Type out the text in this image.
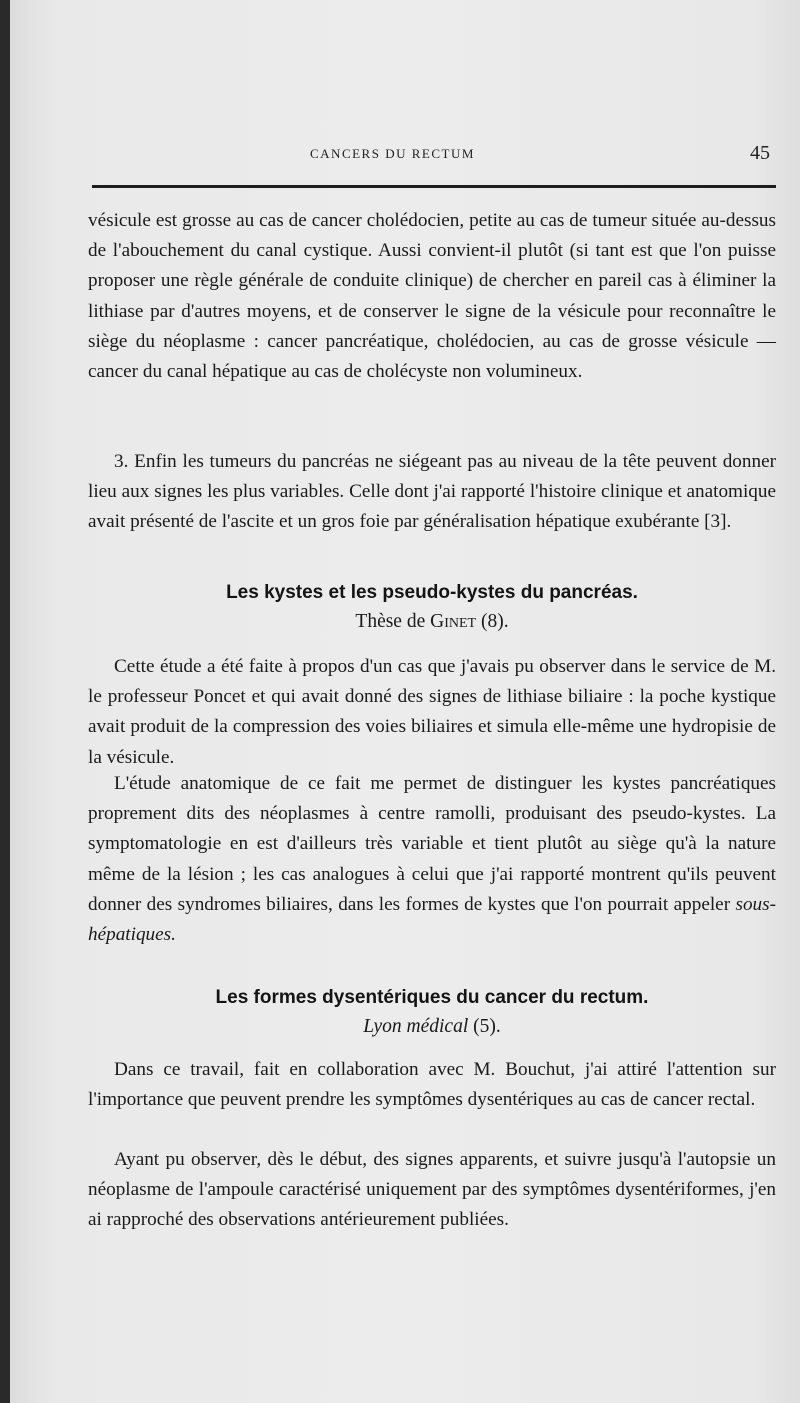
CANCERS DU RECTUM	45

vésicule est grosse au cas de cancer cholédocien, petite au cas de tumeur située au-dessus de l'abouchement du canal cystique. Aussi convient-il plutôt (si tant est que l'on puisse proposer une règle générale de conduite clinique) de chercher en pareil cas à éliminer la lithiase par d'autres moyens, et de conserver le signe de la vésicule pour reconnaître le siège du néoplasme : cancer pancréatique, cholédocien, au cas de grosse vésicule — cancer du canal hépatique au cas de cholécyste non volumineux.

3. Enfin les tumeurs du pancréas ne siégeant pas au niveau de la tête peuvent donner lieu aux signes les plus variables. Celle dont j'ai rapporté l'histoire clinique et anatomique avait présenté de l'ascite et un gros foie par généralisation hépatique exubérante [3].

Les kystes et les pseudo-kystes du pancréas.
Thèse de Ginet (8).

Cette étude a été faite à propos d'un cas que j'avais pu observer dans le service de M. le professeur Poncet et qui avait donné des signes de lithiase biliaire : la poche kystique avait produit de la compression des voies biliaires et simula elle-même une hydropisie de la vésicule.

L'étude anatomique de ce fait me permet de distinguer les kystes pancréatiques proprement dits des néoplasmes à centre ramolli, produisant des pseudo-kystes. La symptomatologie en est d'ailleurs très variable et tient plutôt au siège qu'à la nature même de la lésion ; les cas analogues à celui que j'ai rapporté montrent qu'ils peuvent donner des syndromes biliaires, dans les formes de kystes que l'on pourrait appeler sous-hépatiques.

Les formes dysentériques du cancer du rectum.
Lyon médical (5).

Dans ce travail, fait en collaboration avec M. Bouchut, j'ai attiré l'attention sur l'importance que peuvent prendre les symptômes dysentériques au cas de cancer rectal.

Ayant pu observer, dès le début, des signes apparents, et suivre jusqu'à l'autopsie un néoplasme de l'ampoule caractérisé uniquement par des symptômes dysentériformes, j'en ai rapproché des observations antérieurement publiées.
